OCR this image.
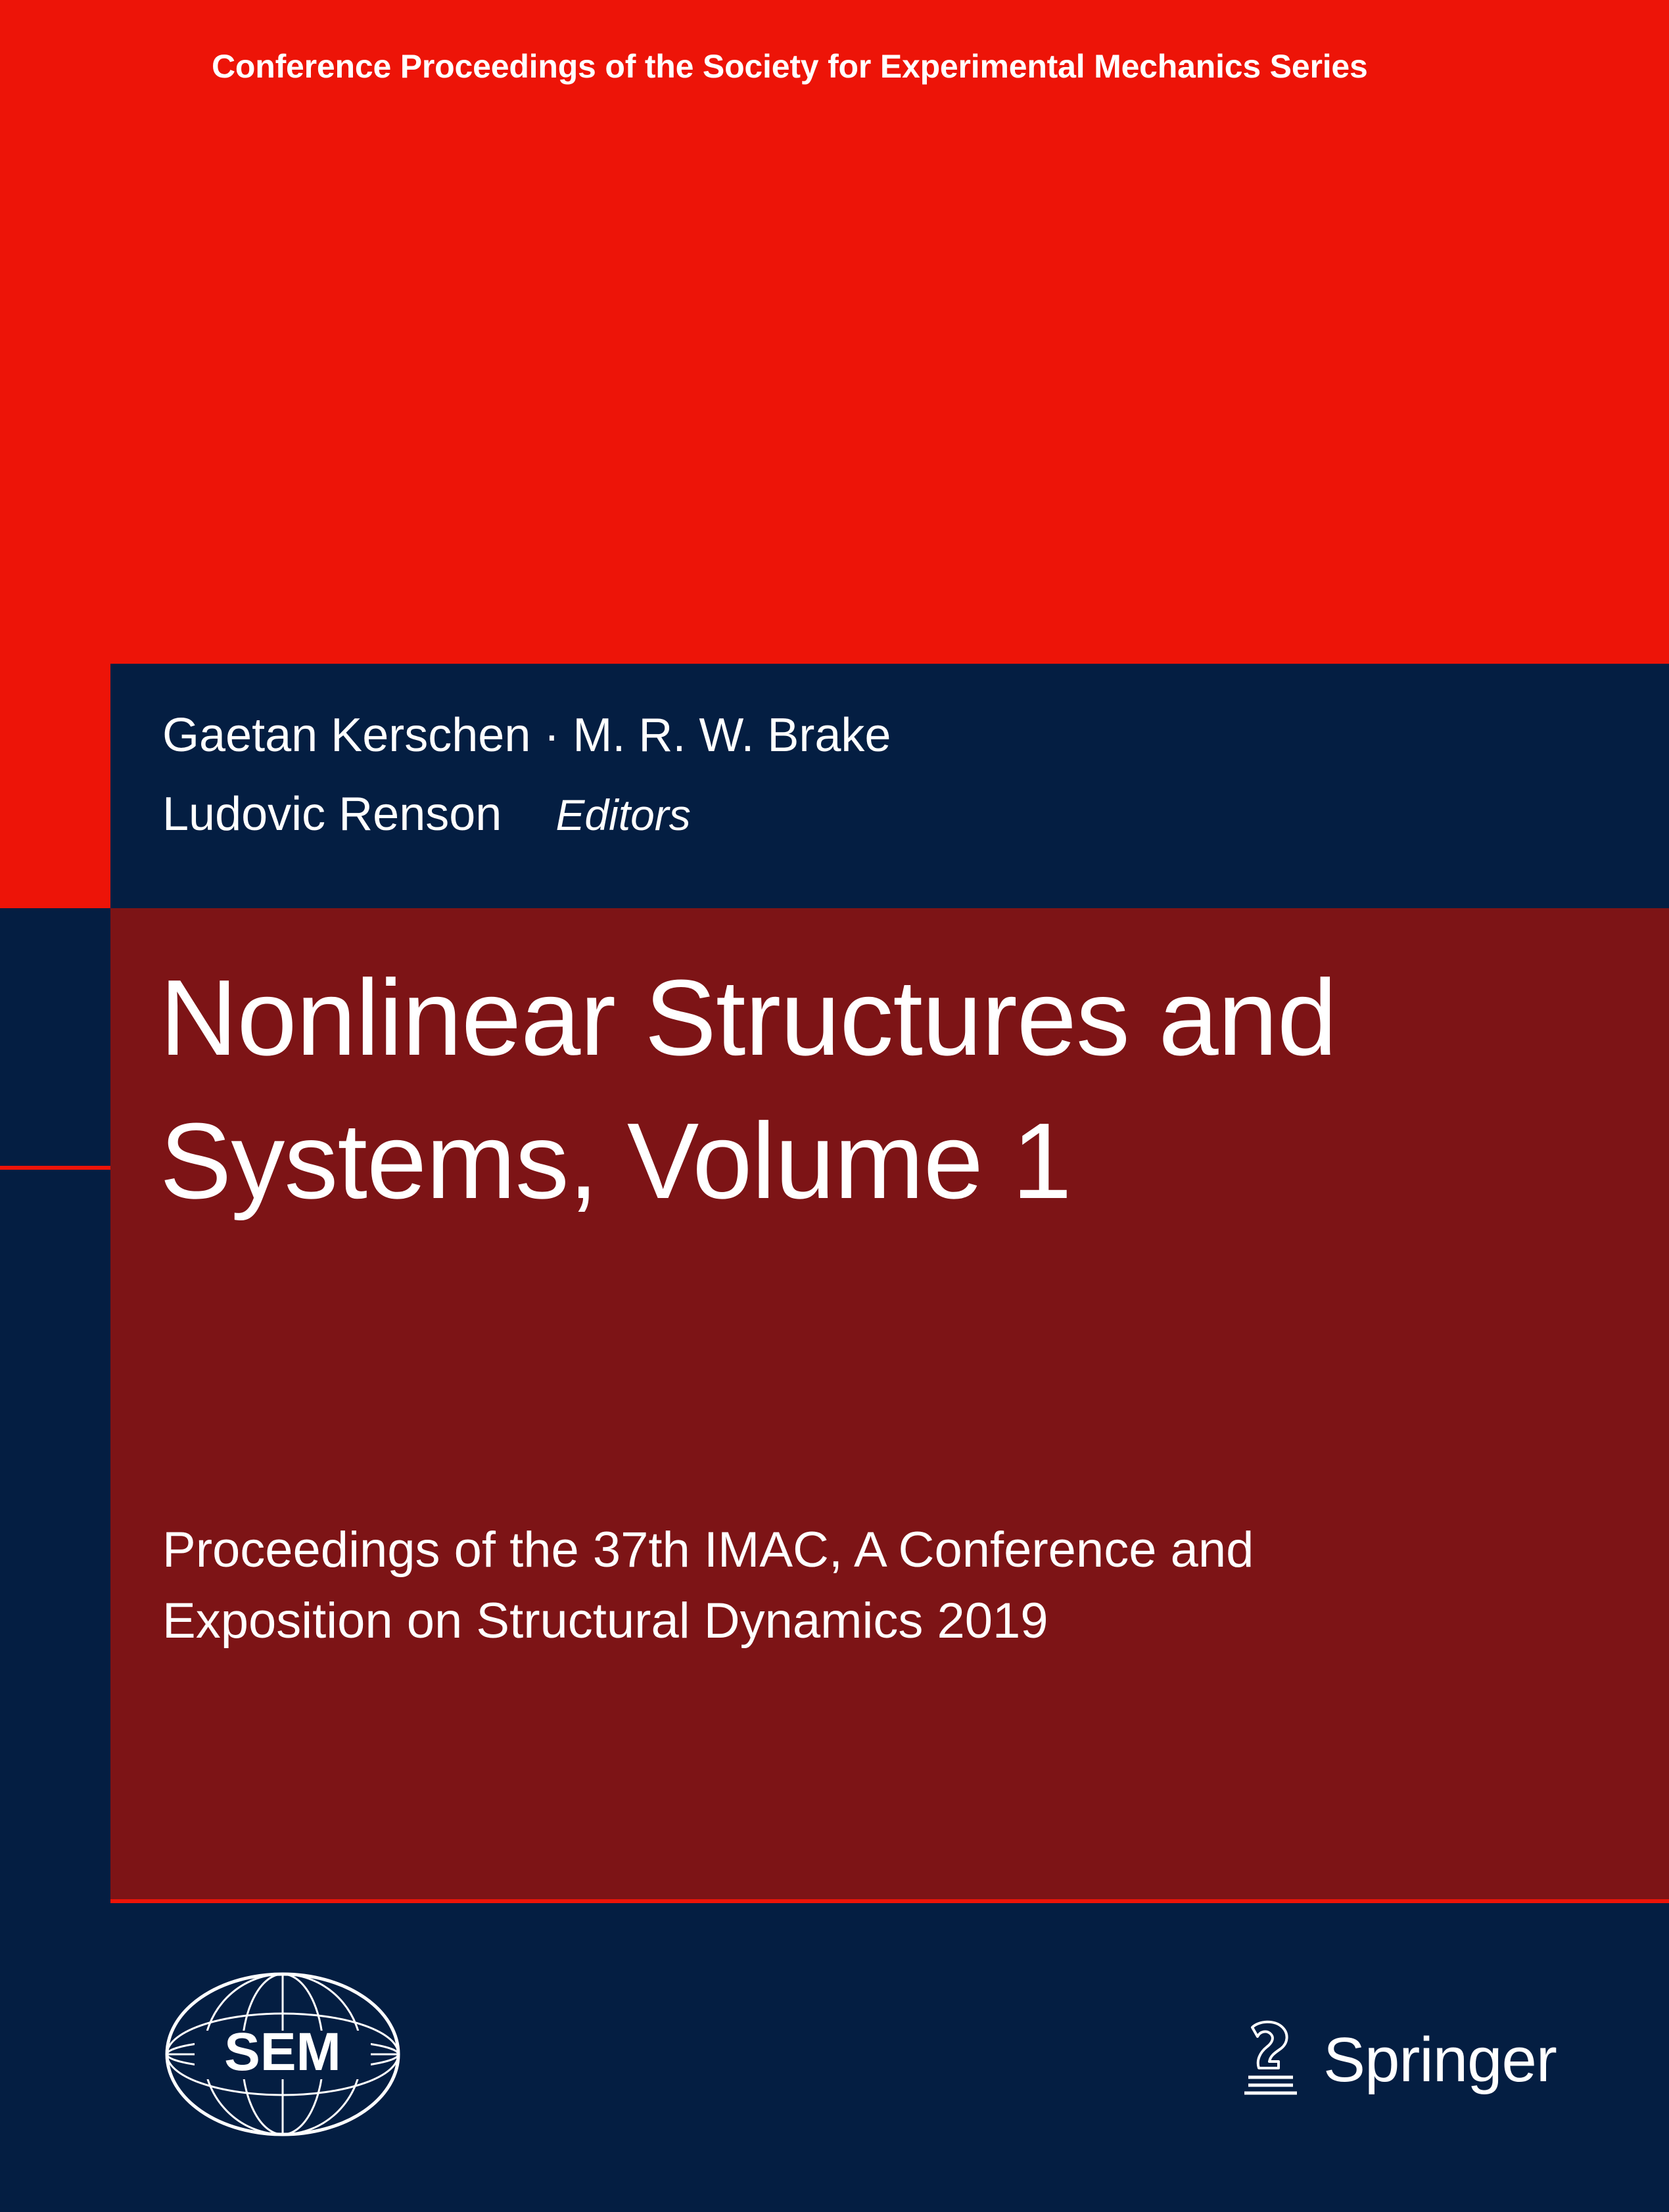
Conference Proceedings of the Society for Experimental Mechanics Series
Gaetan Kerschen · M. R. W. Brake
Ludovic Renson Editors
Nonlinear Structures and Systems, Volume 1
Proceedings of the 37th IMAC, A Conference and Exposition on Structural Dynamics 2019
SEM	Springer
